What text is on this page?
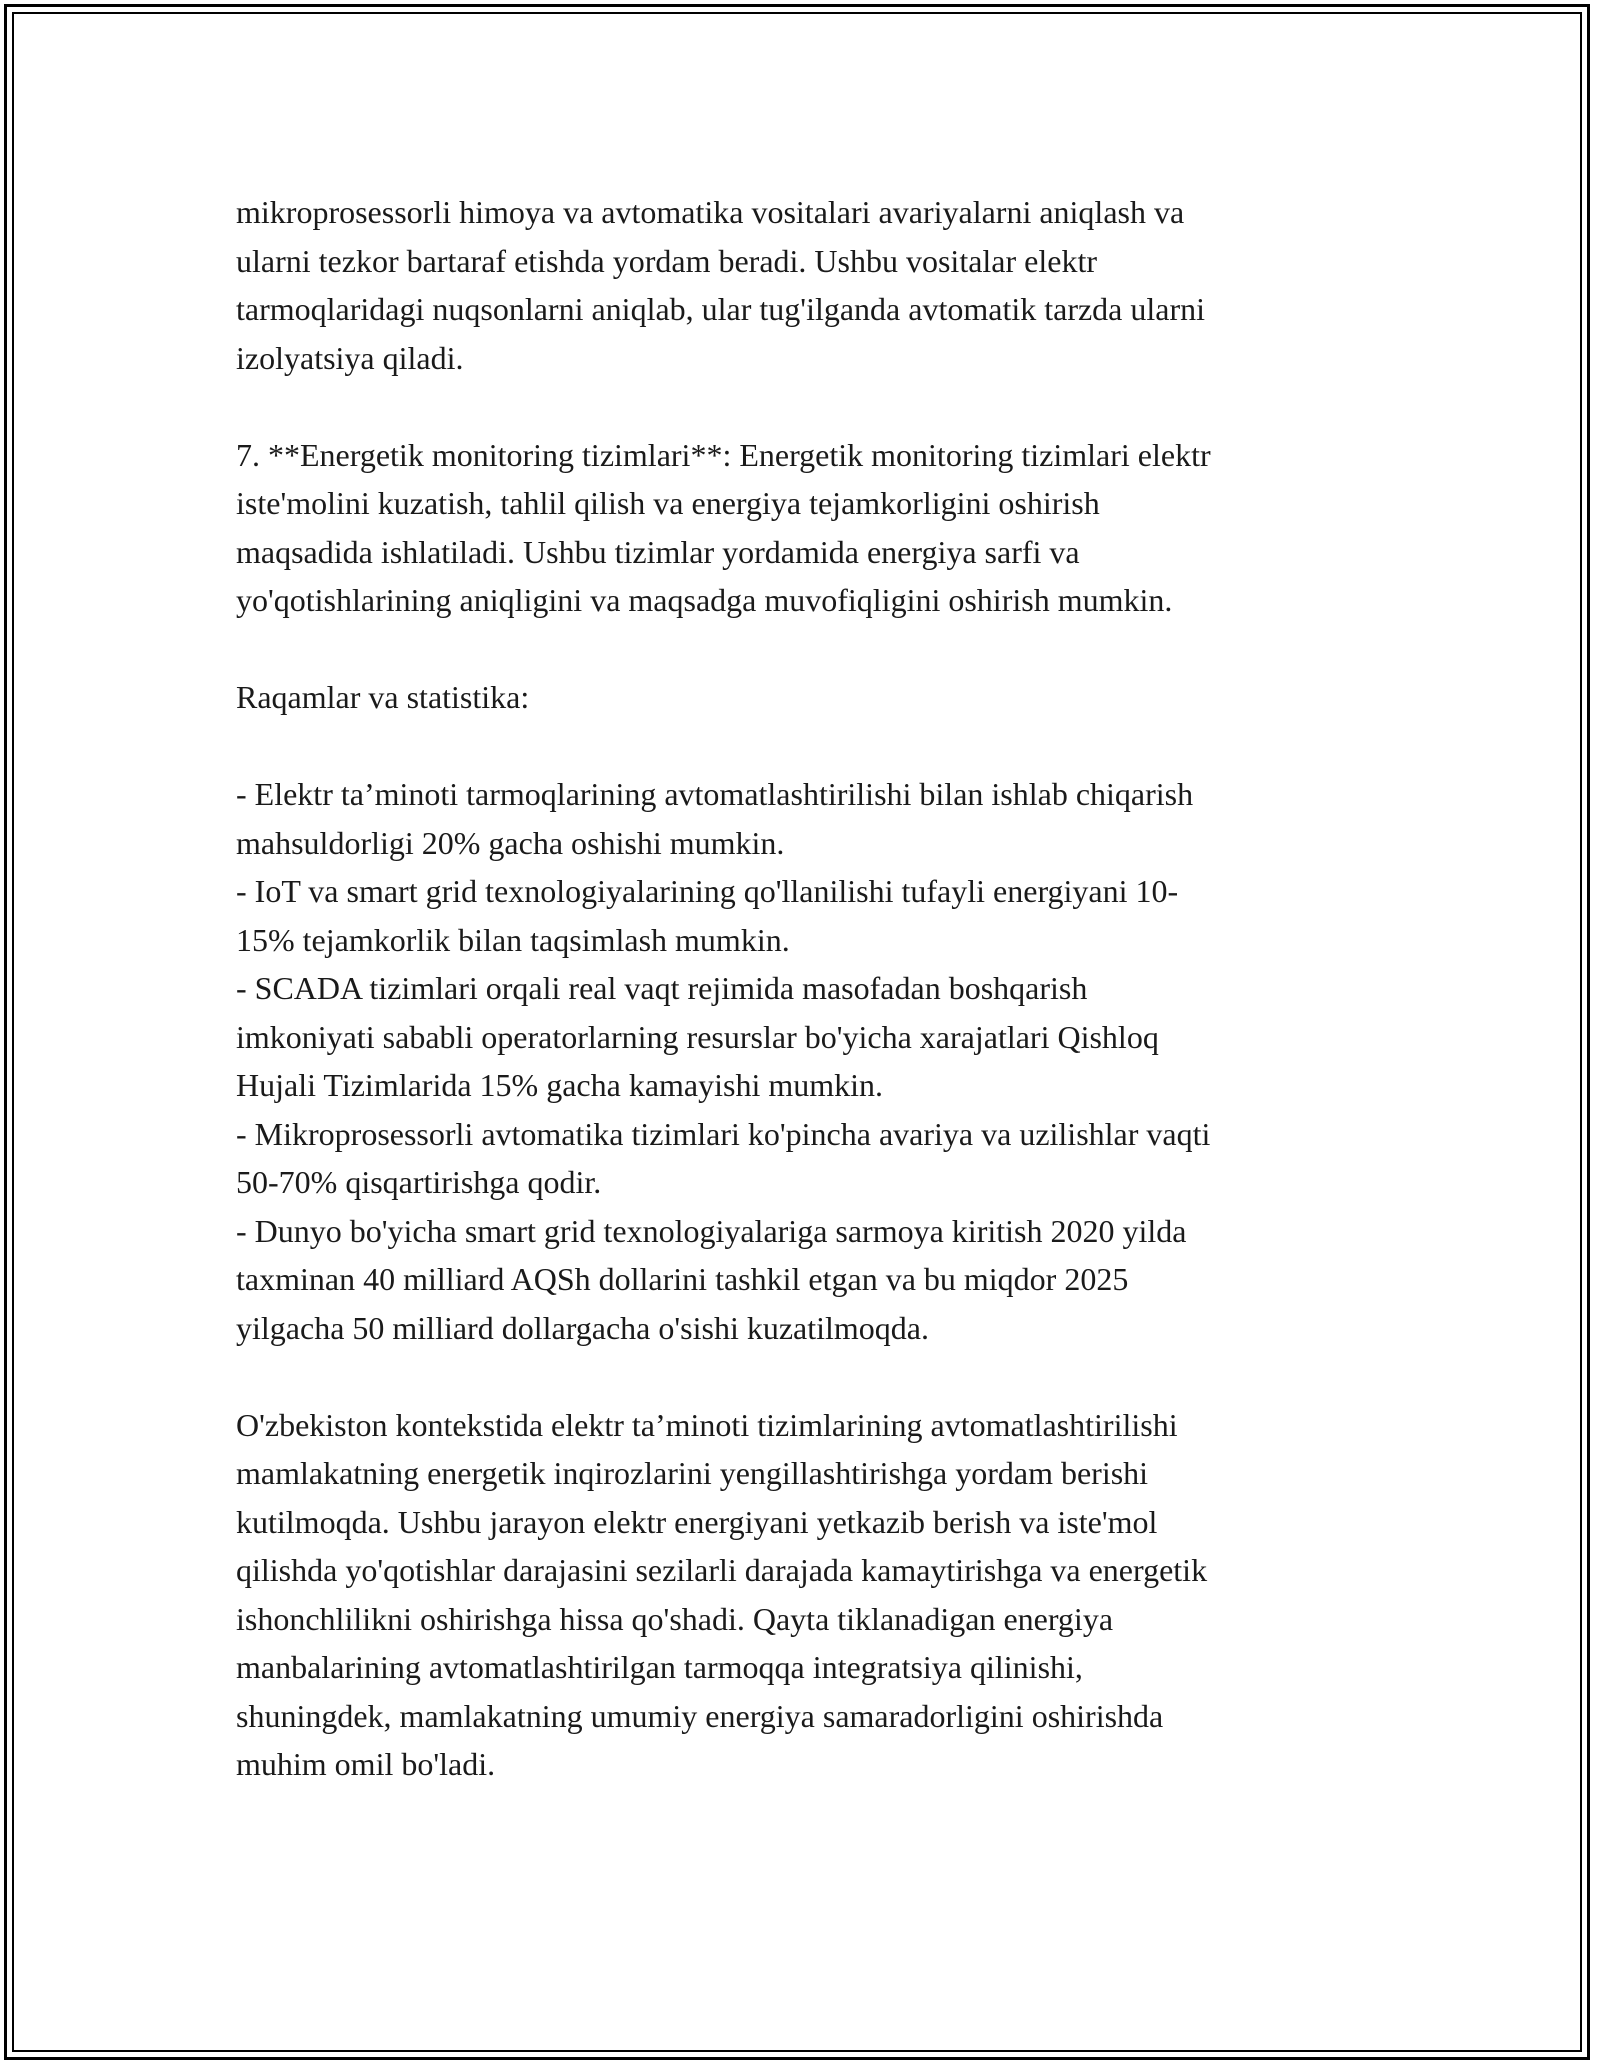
mikroprosessorli himoya va avtomatika vositalari avariyalarni aniqlash va
ularni tezkor bartaraf etishda yordam beradi. Ushbu vositalar elektr
tarmoqlaridagi nuqsonlarni aniqlab, ular tug'ilganda avtomatik tarzda ularni
izolyatsiya qiladi.

7. **Energetik monitoring tizimlari**: Energetik monitoring tizimlari elektr
iste'molini kuzatish, tahlil qilish va energiya tejamkorligini oshirish
maqsadida ishlatiladi. Ushbu tizimlar yordamida energiya sarfi va
yo'qotishlarining aniqligini va maqsadga muvofiqligini oshirish mumkin.

Raqamlar va statistika:

- Elektr ta’minoti tarmoqlarining avtomatlashtirilishi bilan ishlab chiqarish
mahsuldorligi 20% gacha oshishi mumkin.
- IoT va smart grid texnologiyalarining qo'llanilishi tufayli energiyani 10-
15% tejamkorlik bilan taqsimlash mumkin.
- SCADA tizimlari orqali real vaqt rejimida masofadan boshqarish
imkoniyati sababli operatorlarning resurslar bo'yicha xarajatlari Qishloq
Hujali Tizimlarida 15% gacha kamayishi mumkin.
- Mikroprosessorli avtomatika tizimlari ko'pincha avariya va uzilishlar vaqti
50-70% qisqartirishga qodir.
- Dunyo bo'yicha smart grid texnologiyalariga sarmoya kiritish 2020 yilda
taxminan 40 milliard AQSh dollarini tashkil etgan va bu miqdor 2025
yilgacha 50 milliard dollargacha o'sishi kuzatilmoqda.

O'zbekiston kontekstida elektr ta’minoti tizimlarining avtomatlashtirilishi
mamlakatning energetik inqirozlarini yengillashtirishga yordam berishi
kutilmoqda. Ushbu jarayon elektr energiyani yetkazib berish va iste'mol
qilishda yo'qotishlar darajasini sezilarli darajada kamaytirishga va energetik
ishonchlilikni oshirishga hissa qo'shadi. Qayta tiklanadigan energiya
manbalarining avtomatlashtirilgan tarmoqqa integratsiya qilinishi,
shuningdek, mamlakatning umumiy energiya samaradorligini oshirishda
muhim omil bo'ladi.
